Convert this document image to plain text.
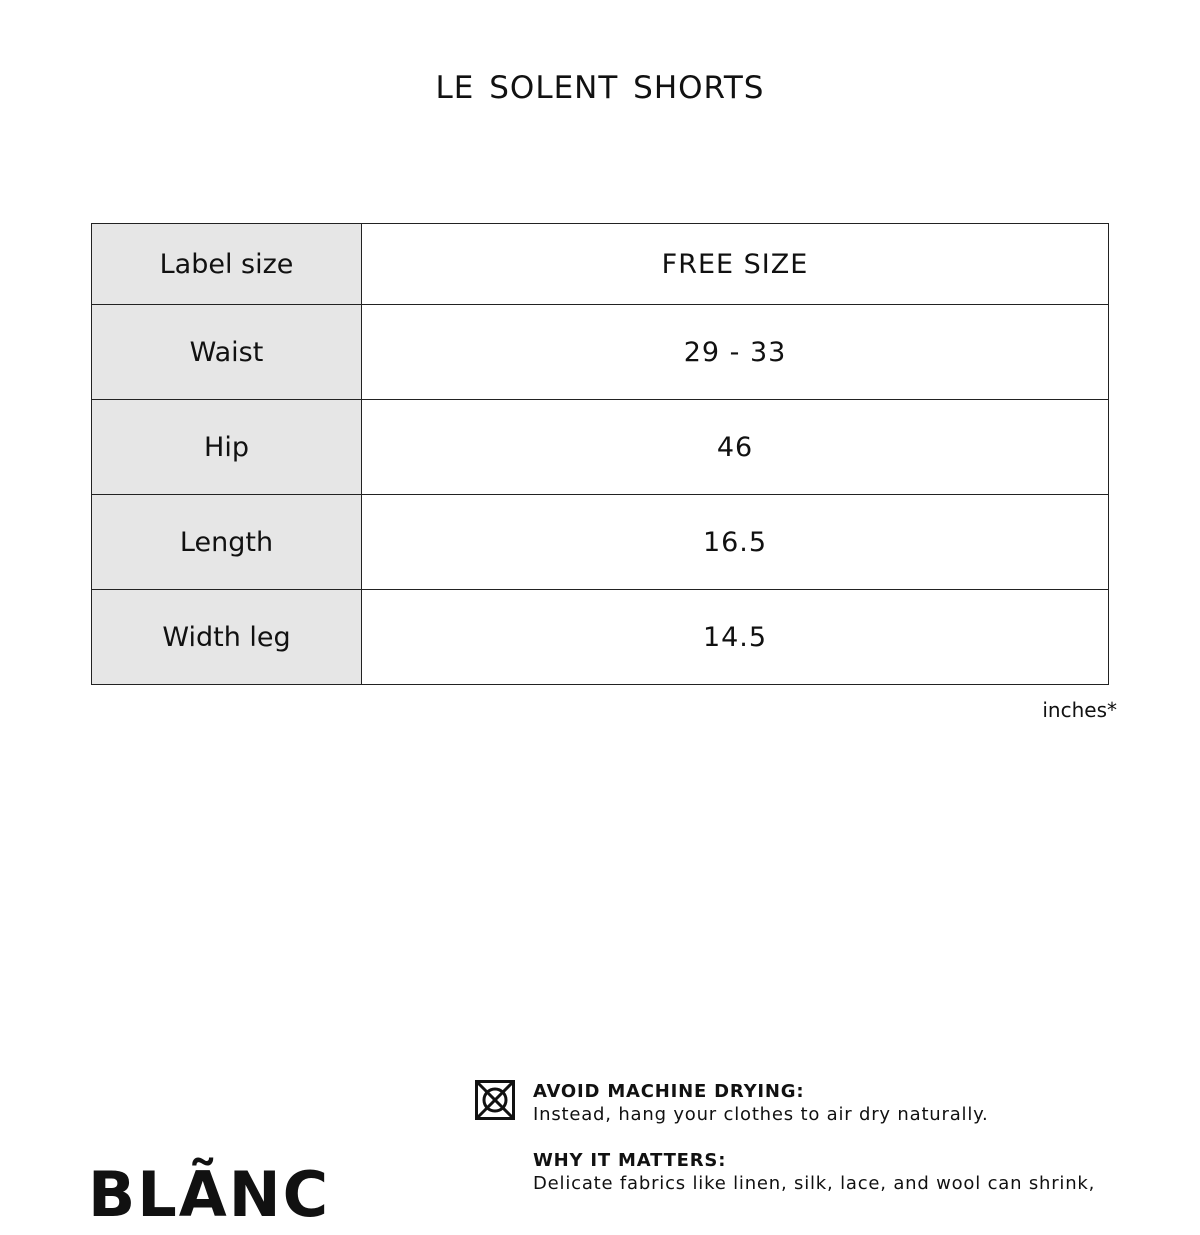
LE SOLENT SHORTS
Label size	FREE SIZE
Waist	29 - 33
Hip	46
Length	16.5
Width leg	14.5
inches*
AVOID MACHINE DRYING:
Instead, hang your clothes to air dry naturally.
WHY IT MATTERS:
Delicate fabrics like linen, silk, lace, and wool can shrink,
BLÃNC
